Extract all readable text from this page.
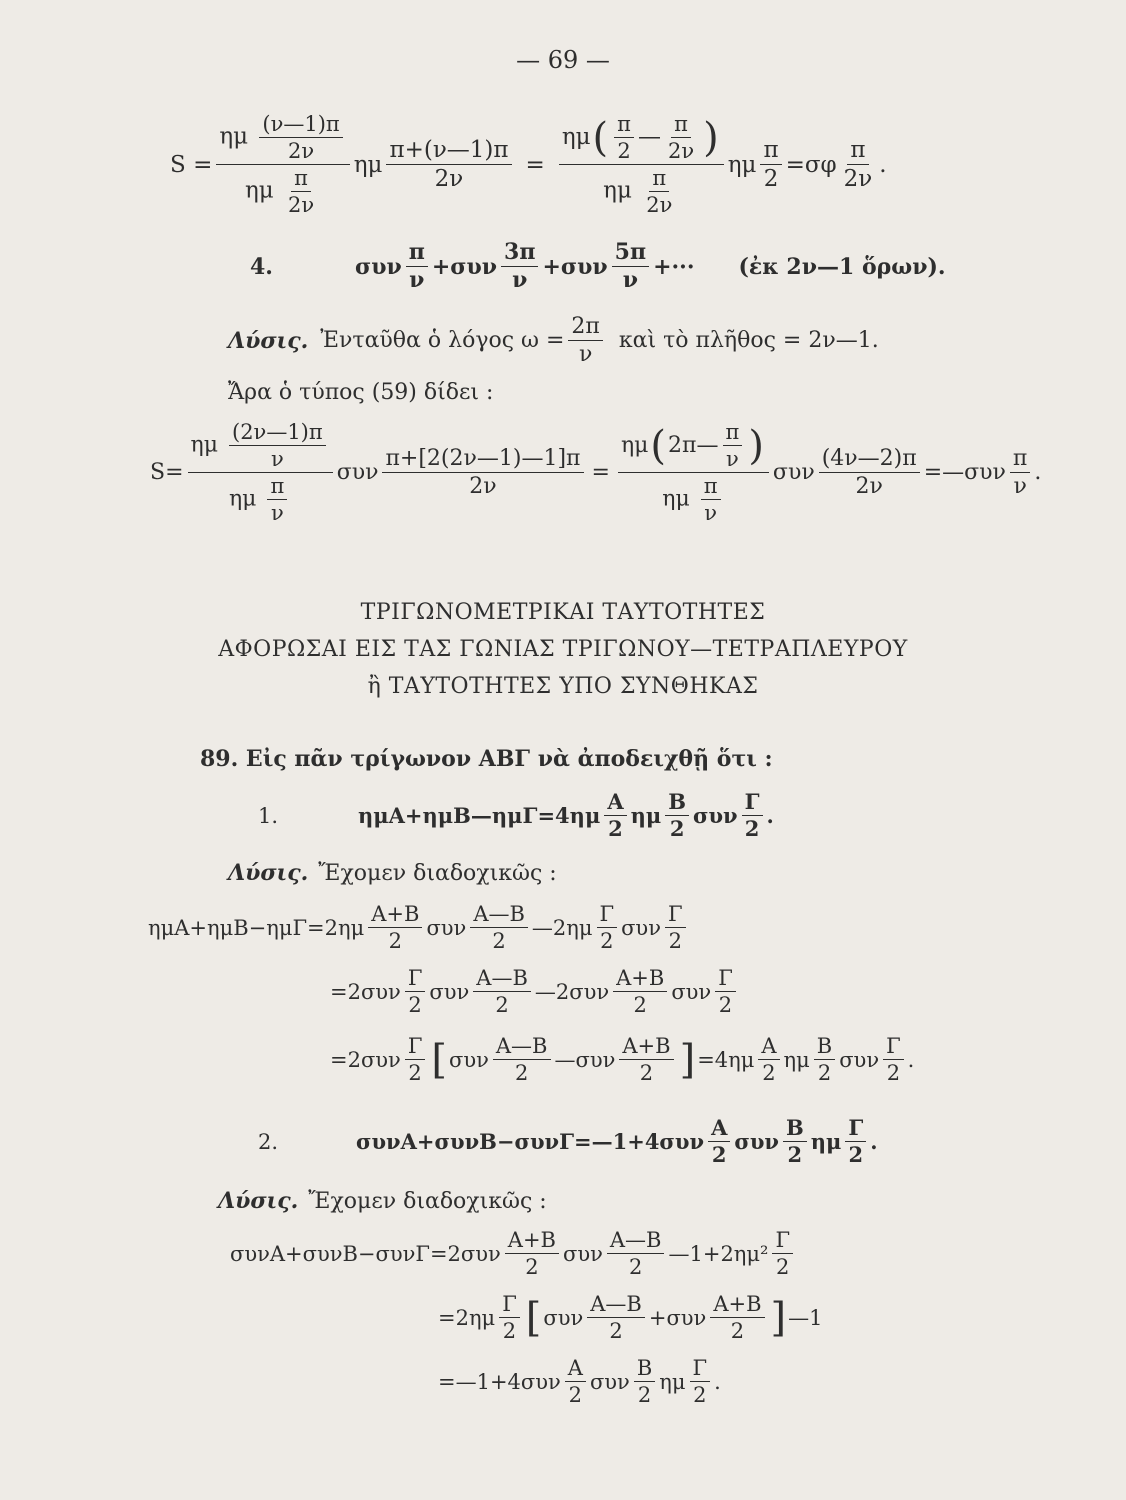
— 69 —
$S = \frac{\eta\mu \frac{(\nu—1)\pi}{2\nu}}{\eta\mu \frac{\pi}{2\nu}}$ ημ $\frac{\pi+(\nu—1)\pi}{2\nu} = \eta\mu$ ( π
2
—
π
2ν )
ημ $\frac{\pi}{2\nu}$ ημ $\frac{\pi}{2} =\sigma\varphi$
π
2ν
.
4.	συν
π
ν
+συν
3π
ν
+συν
5π
ν
+··· (ἐκ 2ν—1 ὅρων).
Λύσις. Ἐνταῦθα ὁ λόγος $\omega = \frac{2\pi}{\nu}$ καὶ τὸ πλῆθος = 2ν—1.
Ἄρα ὁ τύπος (59) δίδει :
$S= \frac{\eta\mu \frac{(2\nu—1)\pi}{\nu}}{\eta\mu \frac{\pi}{\nu}}$ συν $\frac{\pi+[2(2\nu—1)—1]\pi}{2\nu} = \eta\mu$ ( 2π—
π
ν )
ημ $\frac{\pi}{\nu}$ συν $\frac{(4\nu—2)\pi}{2\nu}$ =—συν
π
ν
.
ΤΡΙΓΩΝΟΜΕΤΡΙΚΑΙ ΤΑΥΤΟΤΗΤΕΣ
ΑΦΟΡΩΣΑΙ ΕΙΣ ΤΑΣ ΓΩΝΙΑΣ ΤΡΙΓΩΝΟΥ—ΤΕΤΡΑΠΛΕΥΡΟΥ
ἢ ΤΑΥΤΟΤΗΤΕΣ ΥΠΟ ΣΥΝΘΗΚΑΣ
89. Εἰς πᾶν τρίγωνον ΑΒΓ νὰ ἀποδειχθῇ ὅτι :
1.	ημΑ+ημΒ—ημΓ=4ημ
Α
2
ημ
Β
2
συν
Γ
2
.
Λύσις. Ἔχομεν διαδοχικῶς :
ημΑ+ημΒ−ημΓ=2ημ
Α+Β
2
συν
Α—Β
2
—2ημ
Γ
2
συν
Γ
2
=2συν
Γ
2
συν
Α—Β
2
—2συν
Α+Β
2
συν
Γ
2
=2συν
Γ
2 [ συν
Α—Β
2
—συν
Α+Β
2 ] =4ημ
Α
2
ημ
Β
2
συν
Γ
2
.
2.	συνΑ+συνΒ−συνΓ=—1+4συν
Α
2
συν
Β
2
ημ
Γ
2
.
Λύσις. Ἔχομεν διαδοχικῶς :
συνΑ+συνΒ−συνΓ=2συν
Α+Β
2
συν
Α—Β
2
—1+2ημ²
Γ
2
=2ημ
Γ
2 [ συν
Α—Β
2
+συν
Α+Β
2 ] —1
=—1+4συν
Α
2
συν
Β
2
ημ
Γ
2
.
